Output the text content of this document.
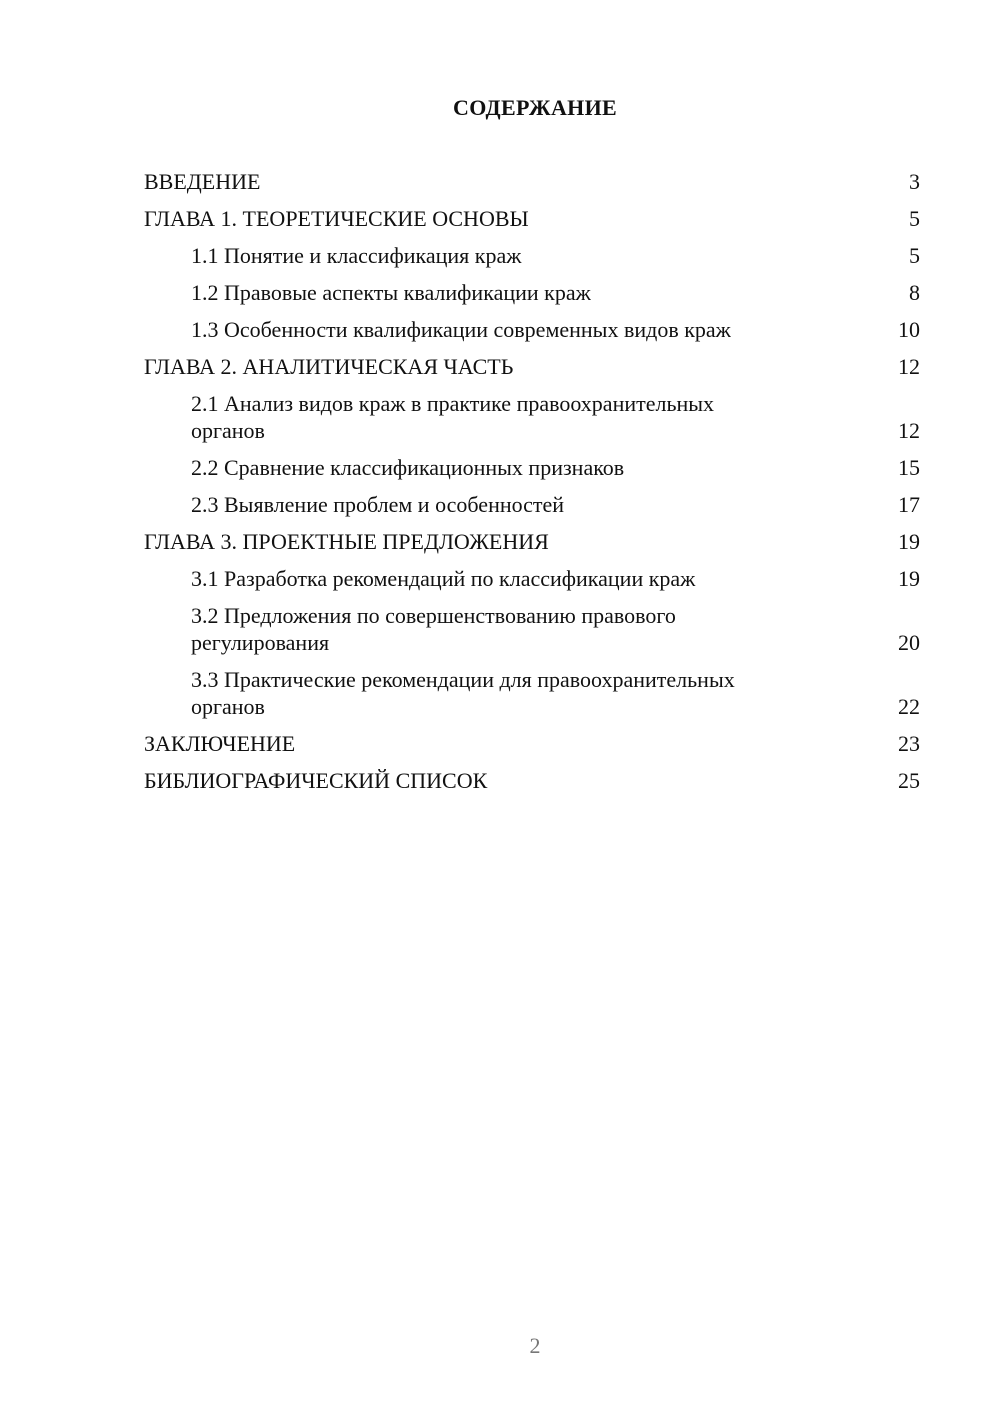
СОДЕРЖАНИЕ
ВВЕДЕНИЕ	3
ГЛАВА 1. ТЕОРЕТИЧЕСКИЕ ОСНОВЫ	5
1.1 Понятие и классификация краж	5
1.2 Правовые аспекты квалификации краж	8
1.3 Особенности квалификации современных видов краж	10
ГЛАВА 2. АНАЛИТИЧЕСКАЯ ЧАСТЬ	12
2.1 Анализ видов краж в практике правоохранительных органов	12
2.2 Сравнение классификационных признаков	15
2.3 Выявление проблем и особенностей	17
ГЛАВА 3. ПРОЕКТНЫЕ ПРЕДЛОЖЕНИЯ	19
3.1 Разработка рекомендаций по классификации краж	19
3.2 Предложения по совершенствованию правового регулирования	20
3.3 Практические рекомендации для правоохранительных органов	22
ЗАКЛЮЧЕНИЕ	23
БИБЛИОГРАФИЧЕСКИЙ СПИСОК	25
2
